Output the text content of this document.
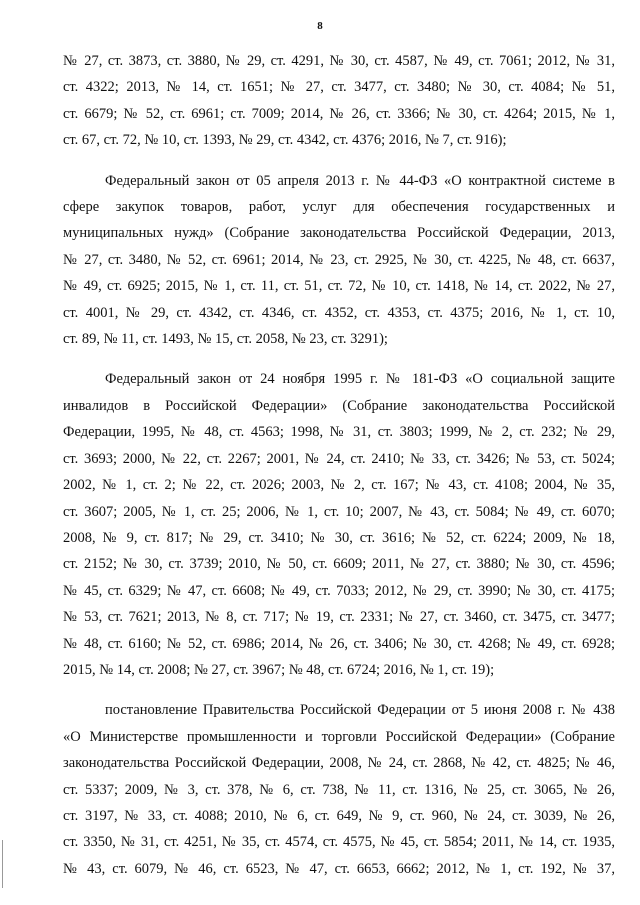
8

№ 27, ст. 3873, ст. 3880, № 29, ст. 4291, № 30, ст. 4587, № 49, ст. 7061; 2012, № 31,

ст. 4322; 2013, № 14, ст. 1651; № 27, ст. 3477, ст. 3480; № 30, ст. 4084; № 51,

ст. 6679; № 52, ст. 6961; ст. 7009; 2014, № 26, ст. 3366; № 30, ст. 4264; 2015, № 1,

ст. 67, ст. 72, № 10, ст. 1393, № 29, ст. 4342, ст. 4376; 2016, № 7, ст. 916);

Федеральный закон от 05 апреля 2013 г. № 44-ФЗ «О контрактной системе в

сфере закупок товаров, работ, услуг для обеспечения государственных и

муниципальных нужд» (Собрание законодательства Российской Федерации, 2013,

№ 27, ст. 3480, № 52, ст. 6961; 2014, № 23, ст. 2925, № 30, ст. 4225, № 48, ст. 6637,

№ 49, ст. 6925; 2015, № 1, ст. 11, ст. 51, ст. 72, № 10, ст. 1418, № 14, ст. 2022, № 27,

ст. 4001, № 29, ст. 4342, ст. 4346, ст. 4352, ст. 4353, ст. 4375; 2016, № 1, ст. 10,

ст. 89, № 11, ст. 1493, № 15, ст. 2058, № 23, ст. 3291);

Федеральный закон от 24 ноября 1995 г. № 181-ФЗ «О социальной защите

инвалидов в Российской Федерации» (Собрание законодательства Российской

Федерации, 1995, № 48, ст. 4563; 1998, № 31, ст. 3803; 1999, № 2, ст. 232; № 29,

ст. 3693; 2000, № 22, ст. 2267; 2001, № 24, ст. 2410; № 33, ст. 3426; № 53, ст. 5024;

2002, № 1, ст. 2; № 22, ст. 2026; 2003, № 2, ст. 167; № 43, ст. 4108; 2004, № 35,

ст. 3607; 2005, № 1, ст. 25; 2006, № 1, ст. 10; 2007, № 43, ст. 5084; № 49, ст. 6070;

2008, № 9, ст. 817; № 29, ст. 3410; № 30, ст. 3616; № 52, ст. 6224; 2009, № 18,

ст. 2152; № 30, ст. 3739; 2010, № 50, ст. 6609; 2011, № 27, ст. 3880; № 30, ст. 4596;

№ 45, ст. 6329; № 47, ст. 6608; № 49, ст. 7033; 2012, № 29, ст. 3990; № 30, ст. 4175;

№ 53, ст. 7621; 2013, № 8, ст. 717; № 19, ст. 2331; № 27, ст. 3460, ст. 3475, ст. 3477;

№ 48, ст. 6160; № 52, ст. 6986; 2014, № 26, ст. 3406; № 30, ст. 4268; № 49, ст. 6928;

2015, № 14, ст. 2008; № 27, ст. 3967; № 48, ст. 6724; 2016, № 1, ст. 19);

постановление Правительства Российской Федерации от 5 июня 2008 г. № 438

«О Министерстве промышленности и торговли Российской Федерации» (Собрание

законодательства Российской Федерации, 2008, № 24, ст. 2868, № 42, ст. 4825; № 46,

ст. 5337; 2009, № 3, ст. 378, № 6, ст. 738, № 11, ст. 1316, № 25, ст. 3065, № 26,

ст. 3197, № 33, ст. 4088; 2010, № 6, ст. 649, № 9, ст. 960, № 24, ст. 3039, № 26,

ст. 3350, № 31, ст. 4251, № 35, ст. 4574, ст. 4575, № 45, ст. 5854; 2011, № 14, ст. 1935,

№ 43, ст. 6079, № 46, ст. 6523, № 47, ст. 6653, 6662; 2012, № 1, ст. 192, № 37,
